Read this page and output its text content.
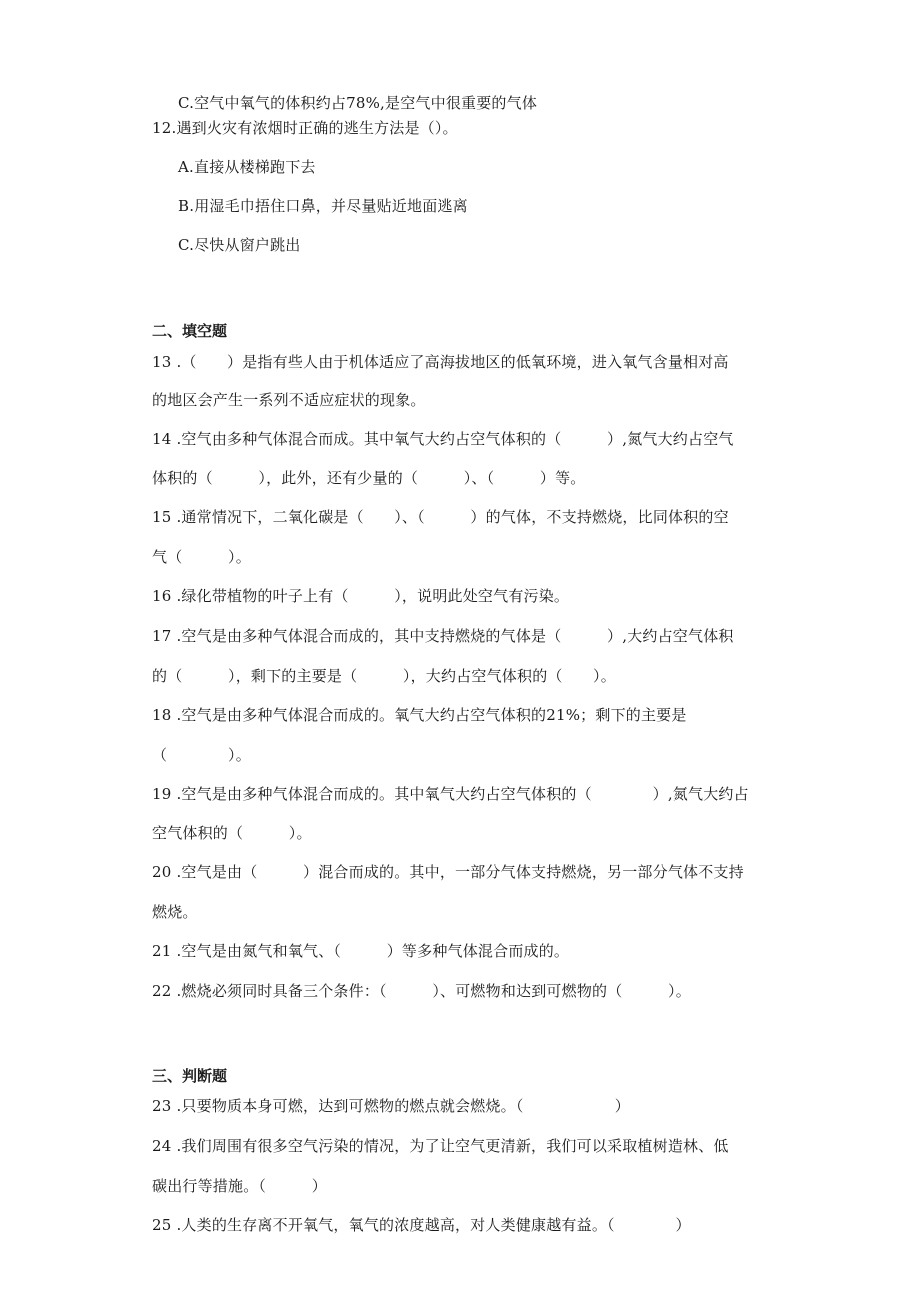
C.空气中氧气的体积约占78%,是空气中很重要的气体
12.遇到火灾有浓烟时正确的逃生方法是（）。
A.直接从楼梯跑下去
B.用湿毛巾捂住口鼻，并尽量贴近地面逃离
C.尽快从窗户跳出
二、填空题
13 .（　　）是指有些人由于机体适应了高海拔地区的低氧环境，进入氧气含量相对高
的地区会产生一系列不适应症状的现象。
14 .空气由多种气体混合而成。其中氧气大约占空气体积的（　　　）,氮气大约占空气
体积的（　　　），此外，还有少量的（　　　）、（　　　）等。
15 .通常情况下，二氧化碳是（　　）、（　　　）的气体，不支持燃烧，比同体积的空
气（　　　）。
16 .绿化带植物的叶子上有（　　　），说明此处空气有污染。
17 .空气是由多种气体混合而成的，其中支持燃烧的气体是（　　　）,大约占空气体积
的（　　　），剩下的主要是（　　　），大约占空气体积的（　　）。
18 .空气是由多种气体混合而成的。氧气大约占空气体积的21%；剩下的主要是
（　　　　）。
19 .空气是由多种气体混合而成的。其中氧气大约占空气体积的（　　　　）,氮气大约占
空气体积的（　　　）。
20 .空气是由（　　　）混合而成的。其中，一部分气体支持燃烧，另一部分气体不支持
燃烧。
21 .空气是由氮气和氧气、（　　　）等多种气体混合而成的。
22 .燃烧必须同时具备三个条件：（　　　）、可燃物和达到可燃物的（　　　）。
三、判断题
23 .只要物质本身可燃，达到可燃物的燃点就会燃烧。（　　　　　　）
24 .我们周围有很多空气污染的情况，为了让空气更清新，我们可以采取植树造林、低
碳出行等措施。（　　　）
25 .人类的生存离不开氧气，氧气的浓度越高，对人类健康越有益。（　　　　）
